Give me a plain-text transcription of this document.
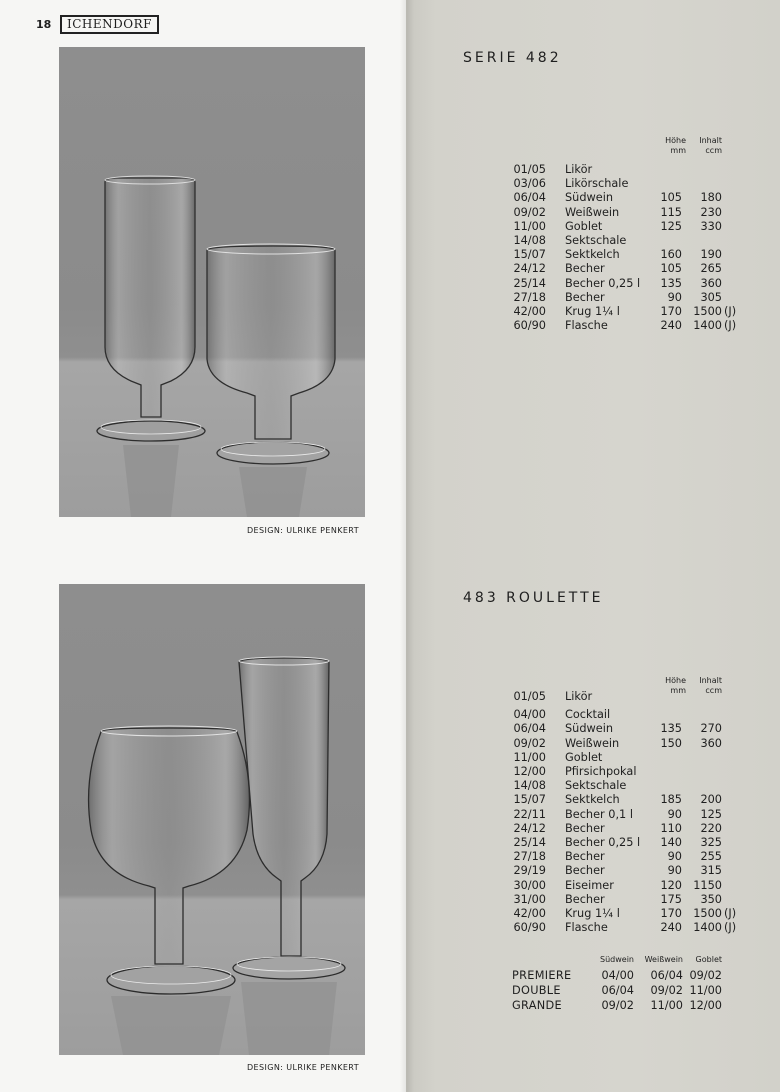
18	ICHENDORF
DESIGN: ULRIKE PENKERT
DESIGN: ULRIKE PENKERT
SERIE 482
Höhe
mm
Inhalt
ccm
01/05 Likör
03/06 Likörschale
06/04 Südwein	105	180
09/02 Weißwein	115	230
11/00 Goblet	125	330
14/08 Sektschale
15/07 Sektkelch	160	190
24/12 Becher	105	265
25/14 Becher 0,25 l	135	360
27/18 Becher	90	305
42/00 Krug 1¼ l	170 1500 (J)
60/90 Flasche	240 1400 (J)
483 ROULETTE
Höhe
mm
Inhalt
ccm
01/05 Likör
04/00 Cocktail
06/04 Südwein	135	270
09/02 Weißwein	150	360
11/00 Goblet
12/00 Pfirsichpokal
14/08 Sektschale
15/07 Sektkelch	185	200
22/11 Becher 0,1 l	90	125
24/12 Becher	110	220
25/14 Becher 0,25 l	140	325
27/18 Becher	90	255
29/19 Becher	90	315
30/00 Eiseimer	120 1150
31/00 Becher	175	350
42/00 Krug 1¼ l	170 1500 (J)
60/90 Flasche	240 1400 (J)
Südwein	Weißwein	Goblet
PREMIERE	04/00	06/04 09/02
DOUBLE	06/04	09/02 11/00
GRANDE	09/02	11/00 12/00
